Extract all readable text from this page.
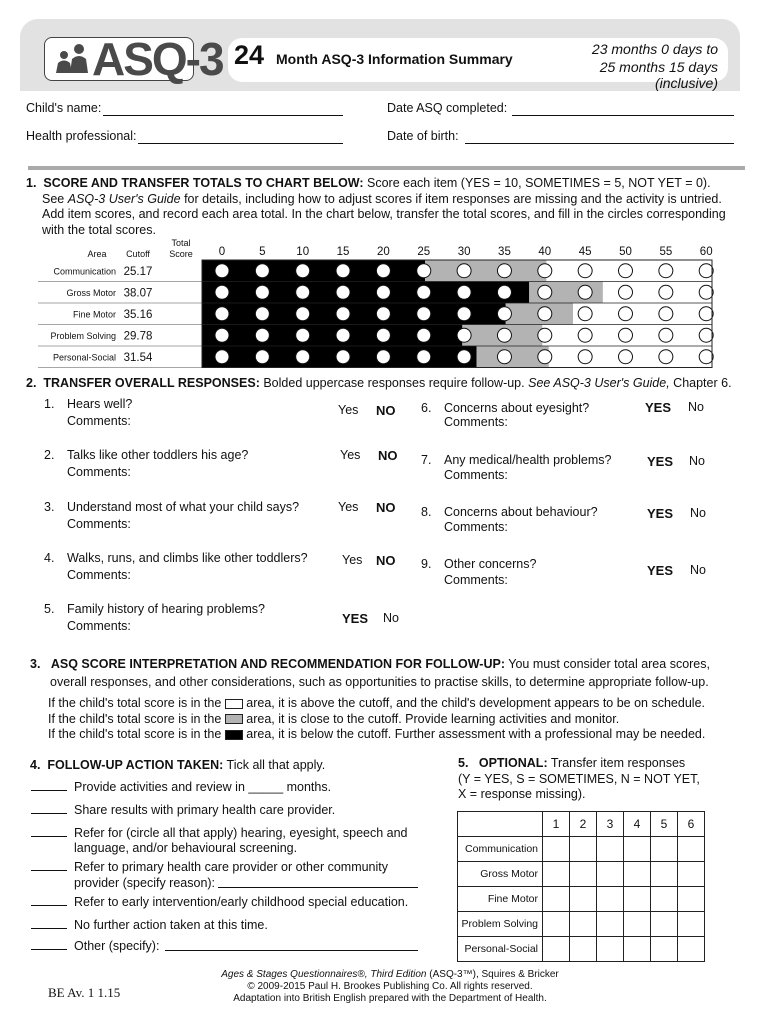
ASQ-3 24 Month ASQ-3 Information Summary
23 months 0 days to
25 months 15 days (inclusive)
Child's name:	Date ASQ completed:
Health professional:	Date of birth:
1. SCORE AND TRANSFER TOTALS TO CHART BELOW: Score each item (YES = 10, SOMETIMES = 5, NOT YET = 0).
See ASQ-3 User's Guide for details, including how to adjust scores if item responses are missing and the activity is untried.
Add item scores, and record each area total. In the chart below, transfer the total scores, and fill in the circles corresponding
with the total scores.
Area Cutoff
Total
Score 0	5	10 15 20 25 30 35 40 45 50 55 60
Communication 25.17
Gross Motor 38.07
Fine Motor 35.16
Problem Solving 29.78
Personal-Social 31.54
2. TRANSFER OVERALL RESPONSES: Bolded uppercase responses require follow-up. See ASQ-3 User's Guide, Chapter 6.
1. Hears well?
Comments:
Yes NO
2. Talks like other toddlers his age?
Comments:
Yes NO
3. Understand most of what your child says?
Comments:
Yes NO
4. Walks, runs, and climbs like other toddlers?
Comments:
Yes NO
5. Family history of hearing problems?
Comments:	YES No
6. Concerns about eyesight?
Comments:
YES No
7. Any medical/health problems?
Comments:
YES No
8. Concerns about behaviour?
Comments:
YES No
9. Other concerns?
Comments:
YES No
3. ASQ SCORE INTERPRETATION AND RECOMMENDATION FOR FOLLOW-UP: You must consider total area scores,
overall responses, and other considerations, such as opportunities to practise skills, to determine appropriate follow-up.
If the child's total score is in the area, it is above the cutoff, and the child's development appears to be on schedule.
If the child's total score is in the area, it is close to the cutoff. Provide learning activities and monitor.
If the child's total score is in the area, it is below the cutoff. Further assessment with a professional may be needed.
4. FOLLOW-UP ACTION TAKEN: Tick all that apply.
Provide activities and review in _____ months.
Share results with primary health care provider.
Refer for (circle all that apply) hearing, eyesight, speech and
language, and/or behavioural screening.
Refer to primary health care provider or other community
provider (specify reason):
Refer to early intervention/early childhood special education.
No further action taken at this time.
Other (specify):
5. OPTIONAL: Transfer item responses
(Y = YES, S = SOMETIMES, N = NOT YET,
X = response missing).
	1	2	3	4	5	6
Communication						
Gross Motor						
Fine Motor						
Problem Solving						
Personal-Social						
BE Av. 1 1.15
Ages & Stages Questionnaires®, Third Edition (ASQ-3™), Squires & Bricker
© 2009-2015 Paul H. Brookes Publishing Co. All rights reserved.
Adaptation into British English prepared with the Department of Health.
